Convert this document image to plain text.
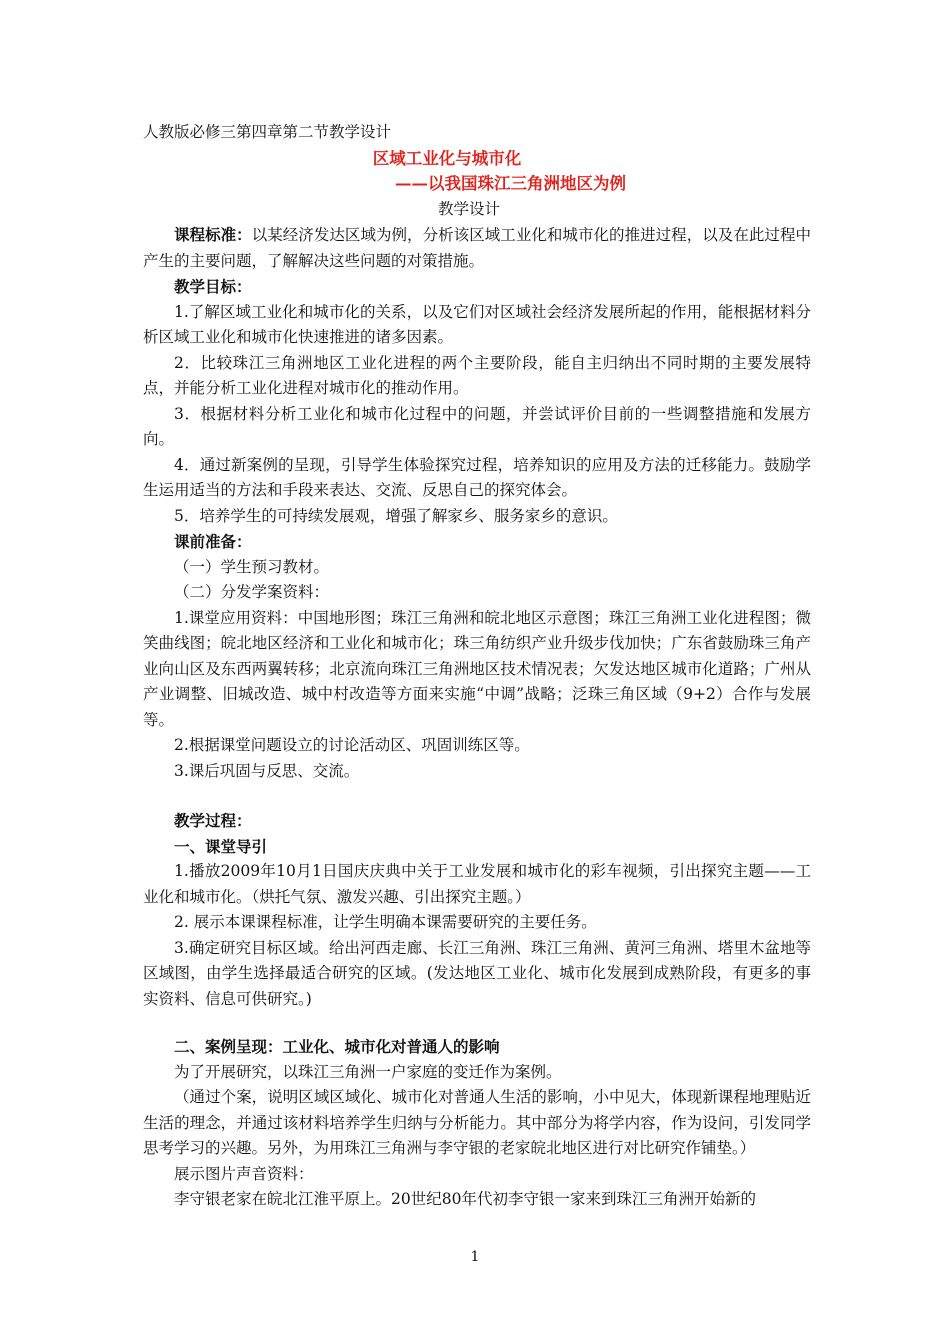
人教版必修三第四章第二节教学设计

区域工业化与城市化

——以我国珠江三角洲地区为例

教学设计

课程标准：以某经济发达区域为例，分析该区域工业化和城市化的推进过程，以及在此过程中产生的主要问题，了解解决这些问题的对策措施。

教学目标：

1.了解区域工业化和城市化的关系，以及它们对区域社会经济发展所起的作用，能根据材料分析区域工业化和城市化快速推进的诸多因素。

2．比较珠江三角洲地区工业化进程的两个主要阶段，能自主归纳出不同时期的主要发展特点，并能分析工业化进程对城市化的推动作用。

3．根据材料分析工业化和城市化过程中的问题，并尝试评价目前的一些调整措施和发展方向。

4．通过新案例的呈现，引导学生体验探究过程，培养知识的应用及方法的迁移能力。鼓励学生运用适当的方法和手段来表达、交流、反思自己的探究体会。

5．培养学生的可持续发展观，增强了解家乡、服务家乡的意识。

课前准备：

（一）学生预习教材。

（二）分发学案资料：

1.课堂应用资料：中国地形图；珠江三角洲和皖北地区示意图；珠江三角洲工业化进程图；微笑曲线图；皖北地区经济和工业化和城市化；珠三角纺织产业升级步伐加快；广东省鼓励珠三角产业向山区及东西两翼转移；北京流向珠江三角洲地区技术情况表；欠发达地区城市化道路；广州从产业调整、旧城改造、城中村改造等方面来实施“中调”战略；泛珠三角区域（9+2）合作与发展等。

2.根据课堂问题设立的讨论活动区、巩固训练区等。

3.课后巩固与反思、交流。

教学过程：

一、课堂导引

1.播放2009年10月1日国庆庆典中关于工业发展和城市化的彩车视频，引出探究主题——工业化和城市化。（烘托气氛、激发兴趣、引出探究主题。）

2. 展示本课课程标准，让学生明确本课需要研究的主要任务。

3.确定研究目标区域。给出河西走廊、长江三角洲、珠江三角洲、黄河三角洲、塔里木盆地等区域图，由学生选择最适合研究的区域。(发达地区工业化、城市化发展到成熟阶段，有更多的事实资料、信息可供研究。)

二、案例呈现：工业化、城市化对普通人的影响

为了开展研究，以珠江三角洲一户家庭的变迁作为案例。

（通过个案，说明区域区域化、城市化对普通人生活的影响，小中见大，体现新课程地理贴近生活的理念，并通过该材料培养学生归纳与分析能力。其中部分为将学内容，作为设问，引发同学思考学习的兴趣。另外，为用珠江三角洲与李守银的老家皖北地区进行对比研究作铺垫。）

展示图片声音资料：

李守银老家在皖北江淮平原上。20世纪80年代初李守银一家来到珠江三角洲开始新的

1
